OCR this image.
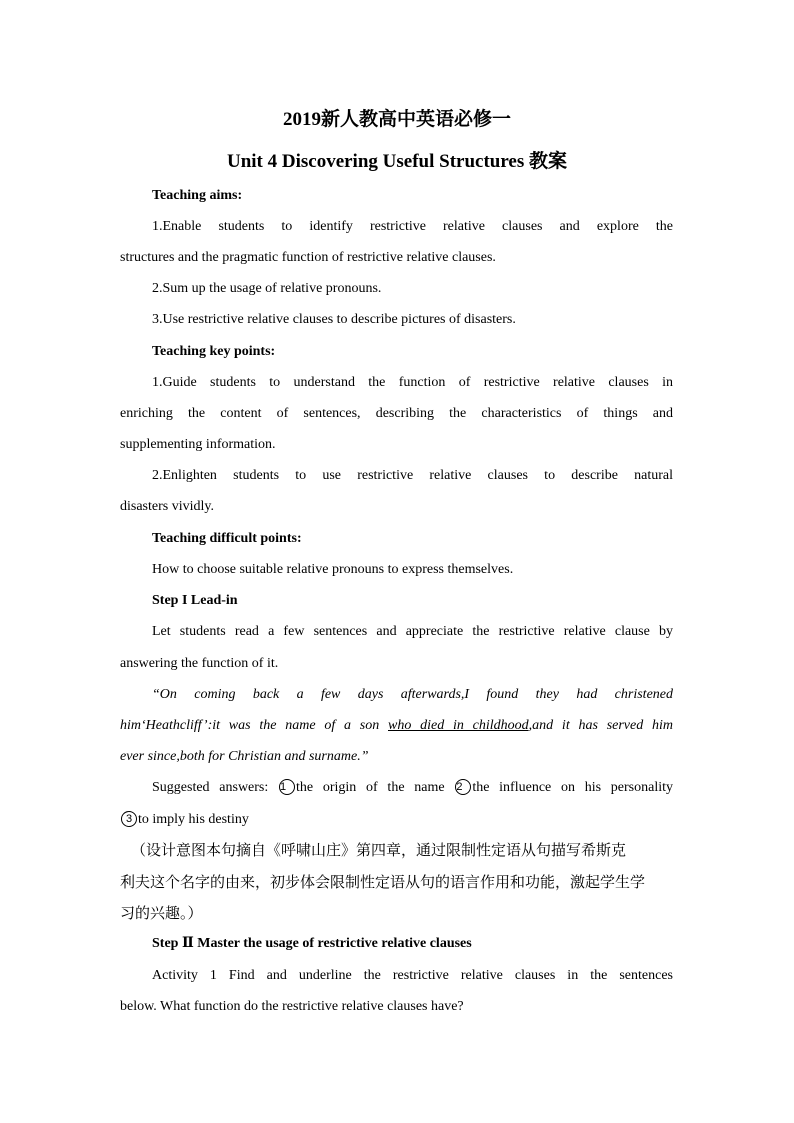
2019新人教高中英语必修一
Unit 4 Discovering Useful Structures 教案
Teaching aims:
1.Enable students to identify restrictive relative clauses and explore the
structures and the pragmatic function of restrictive relative clauses.
2.Sum up the usage of relative pronouns.
3.Use restrictive relative clauses to describe pictures of disasters.
Teaching key points:
1.Guide students to understand the function of restrictive relative clauses in
enriching the content of sentences, describing the characteristics of things and
supplementing information.
2.Enlighten students to use restrictive relative clauses to describe natural
disasters vividly.
Teaching difficult points:
How to choose suitable relative pronouns to express themselves.
Step I Lead-in
Let students read a few sentences and appreciate the restrictive relative clause by
answering the function of it.
“On coming back a few days afterwards,I found they had christened
him‘Heathcliff’:it was the name of a son who died in childhood,and it has served him
ever since,both for Christian and surname.”
Suggested answers: 1 the origin of the name 2 the influence on his personality
3 to imply his destiny
（设计意图本句摘自《呼啸山庄》第四章，通过限制性定语从句描写希斯克
利夫这个名字的由来，初步体会限制性定语从句的语言作用和功能，激起学生学
习的兴趣。）
Step Ⅱ Master the usage of restrictive relative clauses
Activity 1 Find and underline the restrictive relative clauses in the sentences
below. What function do the restrictive relative clauses have?
